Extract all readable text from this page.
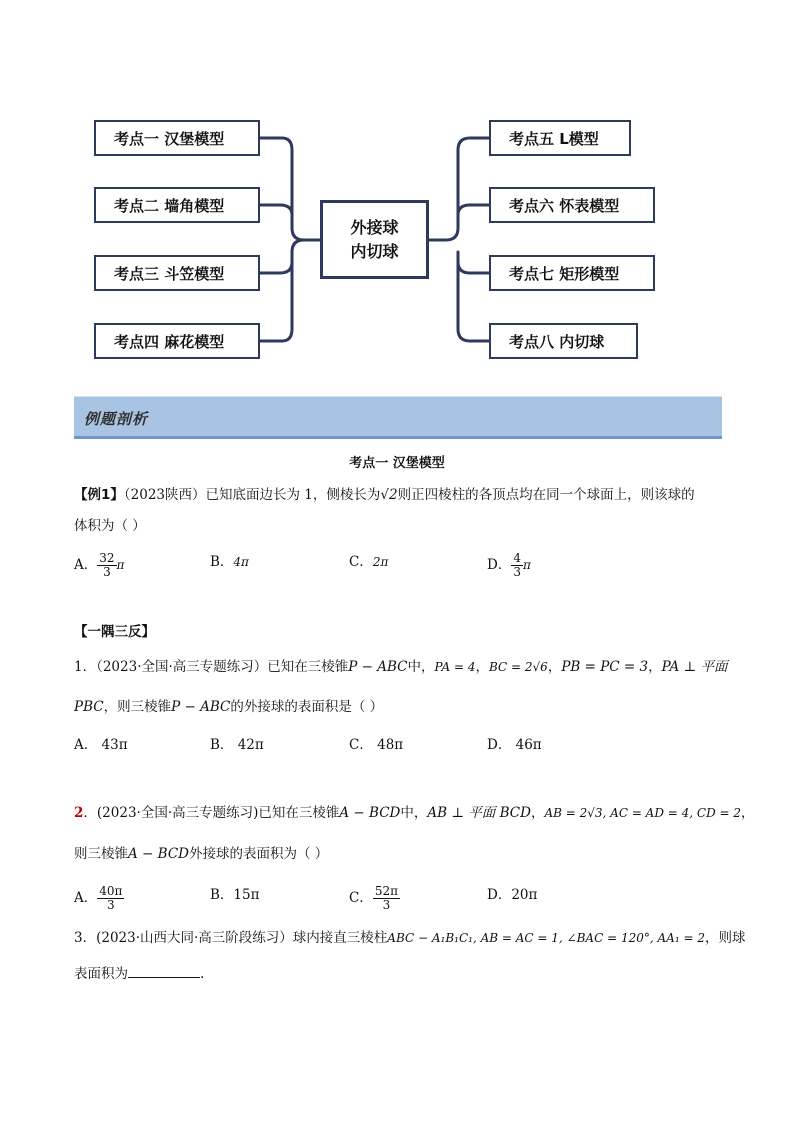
考点一 汉堡模型
考点二 墙角模型
考点三 斗笠模型
考点四 麻花模型
外接球
内切球
考点五 L模型
考点六 怀表模型
考点七 矩形模型
考点八 内切球
例题剖析
考点一 汉堡模型
【例1】（2023陕西）已知底面边长为 1，侧棱长为√2则正四棱柱的各顶点均在同一个球面上，则该球的
体积为（ ）
A． $\frac{32}{3}$ π	B．4π	C．2π	D． $\frac{4}{3}$ π
【一隅三反】
1．（2023·全国·高三专题练习）已知在三棱锥P − ABC中，PA = 4，BC = 2√6，PB = PC = 3，PA ⊥ 平面
PBC，则三棱锥P − ABC的外接球的表面积是（ ）
A． 43π	B． 42π	C． 48π	D． 46π
2．(2023·全国·高三专题练习)已知在三棱锥A − BCD中，AB ⊥ 平面 BCD，AB = 2√3, AC = AD = 4, CD = 2，
则三棱锥A − BCD外接球的表面积为（ ）
A． $\frac{40\pi}{3}$	B．15π	C． $\frac{52\pi}{3}$	D．20π
3．(2023·山西大同·高三阶段练习）球内接直三棱柱ABC − A₁B₁C₁, AB = AC = 1, ∠BAC = 120°, AA₁ = 2，则球
表面积为	.
